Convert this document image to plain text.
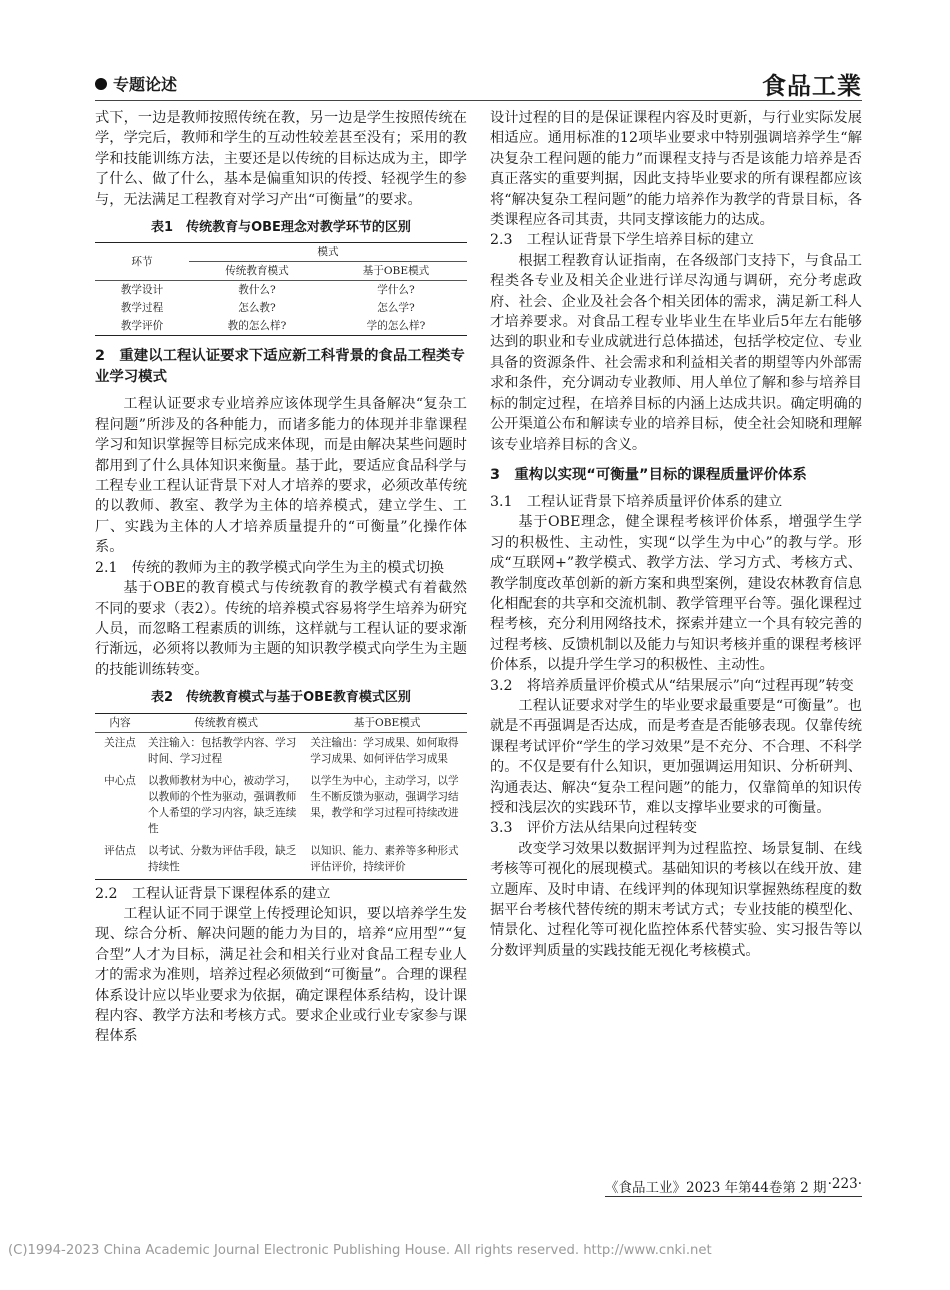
专题论述	食品工業

式下，一边是教师按照传统在教，另一边是学生按照传统在学，学完后，教师和学生的互动性较差甚至没有；采用的教学和技能训练方法，主要还是以传统的目标达成为主，即学了什么、做了什么，基本是偏重知识的传授、轻视学生的参与，无法满足工程教育对学习产出“可衡量”的要求。

表1　传统教育与OBE理念对教学环节的区别
环节	模式	
	传统教育模式	基于OBE模式
教学设计	教什么?	学什么?
教学过程	怎么教?	怎么学?
教学评价	教的怎么样?	学的怎么样?
2　重建以工程认证要求下适应新工科背景的食品工程类专业学习模式

工程认证要求专业培养应该体现学生具备解决“复杂工程问题”所涉及的各种能力，而诸多能力的体现并非靠课程学习和知识掌握等目标完成来体现，而是由解决某些问题时都用到了什么具体知识来衡量。基于此，要适应食品科学与工程专业工程认证背景下对人才培养的要求，必须改革传统的以教师、教室、教学为主体的培养模式，建立学生、工厂、实践为主体的人才培养质量提升的“可衡量”化操作体系。

2.1　传统的教师为主的教学模式向学生为主的模式切换

基于OBE的教育模式与传统教育的教学模式有着截然不同的要求（表2）。传统的培养模式容易将学生培养为研究人员，而忽略工程素质的训练，这样就与工程认证的要求渐行渐远，必须将以教师为主题的知识教学模式向学生为主题的技能训练转变。

表2　传统教育模式与基于OBE教育模式区别
内容	传统教育模式	基于OBE模式
关注点	关注输入：包括教学内容、学习时间、学习过程	关注输出：学习成果、如何取得学习成果、如何评估学习成果
中心点	以教师教材为中心，被动学习，以教师的个性为驱动，强调教师个人希望的学习内容，缺乏连续性	以学生为中心，主动学习，以学生不断反馈为驱动，强调学习结果，教学和学习过程可持续改进
评估点	以考试、分数为评估手段，缺乏持续性	以知识、能力、素养等多种形式评估评价，持续评价

2.2　工程认证背景下课程体系的建立

工程认证不同于课堂上传授理论知识，要以培养学生发现、综合分析、解决问题的能力为目的，培养“应用型”“复合型”人才为目标，满足社会和相关行业对食品工程专业人才的需求为准则，培养过程必须做到“可衡量”。合理的课程体系设计应以毕业要求为依据，确定课程体系结构，设计课程内容、教学方法和考核方式。要求企业或行业专家参与课程体系

设计过程的目的是保证课程内容及时更新，与行业实际发展相适应。通用标准的12项毕业要求中特别强调培养学生“解决复杂工程问题的能力”而课程支持与否是该能力培养是否真正落实的重要判据，因此支持毕业要求的所有课程都应该将“解决复杂工程问题”的能力培养作为教学的背景目标，各类课程应各司其责，共同支撑该能力的达成。

2.3　工程认证背景下学生培养目标的建立

根据工程教育认证指南，在各级部门支持下，与食品工程类各专业及相关企业进行详尽沟通与调研，充分考虑政府、社会、企业及社会各个相关团体的需求，满足新工科人才培养要求。对食品工程专业毕业生在毕业后5年左右能够达到的职业和专业成就进行总体描述，包括学校定位、专业具备的资源条件、社会需求和利益相关者的期望等内外部需求和条件，充分调动专业教师、用人单位了解和参与培养目标的制定过程，在培养目标的内涵上达成共识。确定明确的公开渠道公布和解读专业的培养目标，使全社会知晓和理解该专业培养目标的含义。

3　重构以实现“可衡量”目标的课程质量评价体系

3.1　工程认证背景下培养质量评价体系的建立

基于OBE理念，健全课程考核评价体系，增强学生学习的积极性、主动性，实现“以学生为中心”的教与学。形成“互联网+”教学模式、教学方法、学习方式、考核方式、教学制度改革创新的新方案和典型案例，建设农林教育信息化相配套的共享和交流机制、教学管理平台等。强化课程过程考核，充分利用网络技术，探索并建立一个具有较完善的过程考核、反馈机制以及能力与知识考核并重的课程考核评价体系，以提升学生学习的积极性、主动性。

3.2　将培养质量评价模式从“结果展示”向“过程再现”转变

工程认证要求对学生的毕业要求最重要是“可衡量”。也就是不再强调是否达成，而是考查是否能够表现。仅靠传统课程考试评价“学生的学习效果”是不充分、不合理、不科学的。不仅是要有什么知识，更加强调运用知识、分析研判、沟通表达、解决“复杂工程问题”的能力，仅靠简单的知识传授和浅层次的实践环节，难以支撑毕业要求的可衡量。

3.3　评价方法从结果向过程转变

改变学习效果以数据评判为过程监控、场景复制、在线考核等可视化的展现模式。基础知识的考核以在线开放、建立题库、及时申请、在线评判的体现知识掌握熟练程度的数据平台考核代替传统的期末考试方式；专业技能的模型化、情景化、过程化等可视化监控体系代替实验、实习报告等以分数评判质量的实践技能无视化考核模式。

《食品工业》2023 年第44卷第 2 期 ·223·
(C)1994-2023 China Academic Journal Electronic Publishing House. All rights reserved. http://www.cnki.net
